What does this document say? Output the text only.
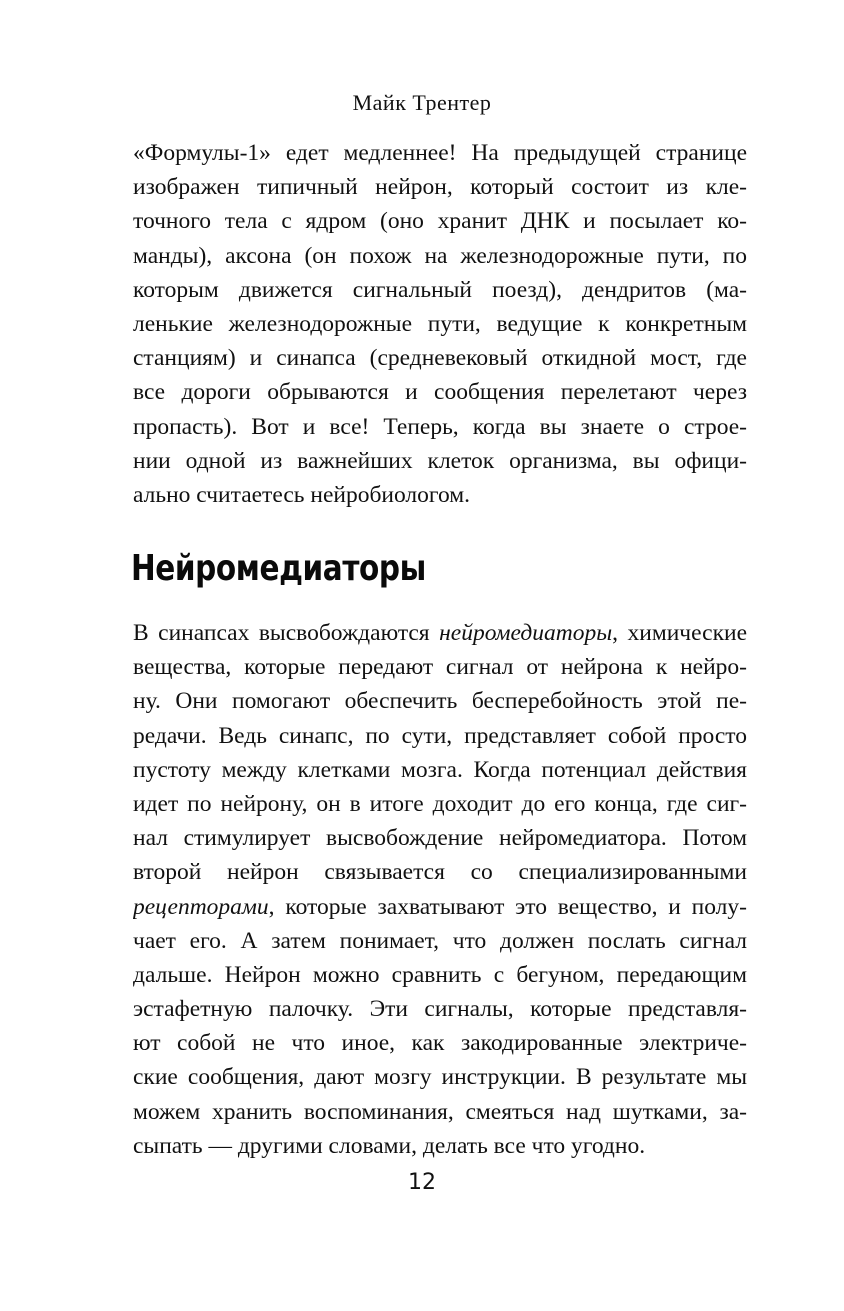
Майк Трентер
«Формулы-1» едет медленнее! На предыдущей странице
изображен типичный нейрон, который состоит из кле-
точного тела с ядром (оно хранит ДНК и посылает ко-
манды), аксона (он похож на железнодорожные пути, по
которым движется сигнальный поезд), дендритов (ма-
ленькие железнодорожные пути, ведущие к конкретным
станциям) и синапса (средневековый откидной мост, где
все дороги обрываются и сообщения перелетают через
пропасть). Вот и все! Теперь, когда вы знаете о строе-
нии одной из важнейших клеток организма, вы офици-
ально считаетесь нейробиологом.
Нейромедиаторы
В синапсах высвобождаются нейромедиаторы, химические
вещества, которые передают сигнал от нейрона к нейро-
ну. Они помогают обеспечить бесперебойность этой пе-
редачи. Ведь синапс, по сути, представляет собой просто
пустоту между клетками мозга. Когда потенциал действия
идет по нейрону, он в итоге доходит до его конца, где сиг-
нал стимулирует высвобождение нейромедиатора. Потом
второй нейрон связывается со специализированными
рецепторами, которые захватывают это вещество, и полу-
чает его. А затем понимает, что должен послать сигнал
дальше. Нейрон можно сравнить с бегуном, передающим
эстафетную палочку. Эти сигналы, которые представля-
ют собой не что иное, как закодированные электриче-
ские сообщения, дают мозгу инструкции. В результате мы
можем хранить воспоминания, смеяться над шутками, за-
сыпать — другими словами, делать все что угодно.
12
